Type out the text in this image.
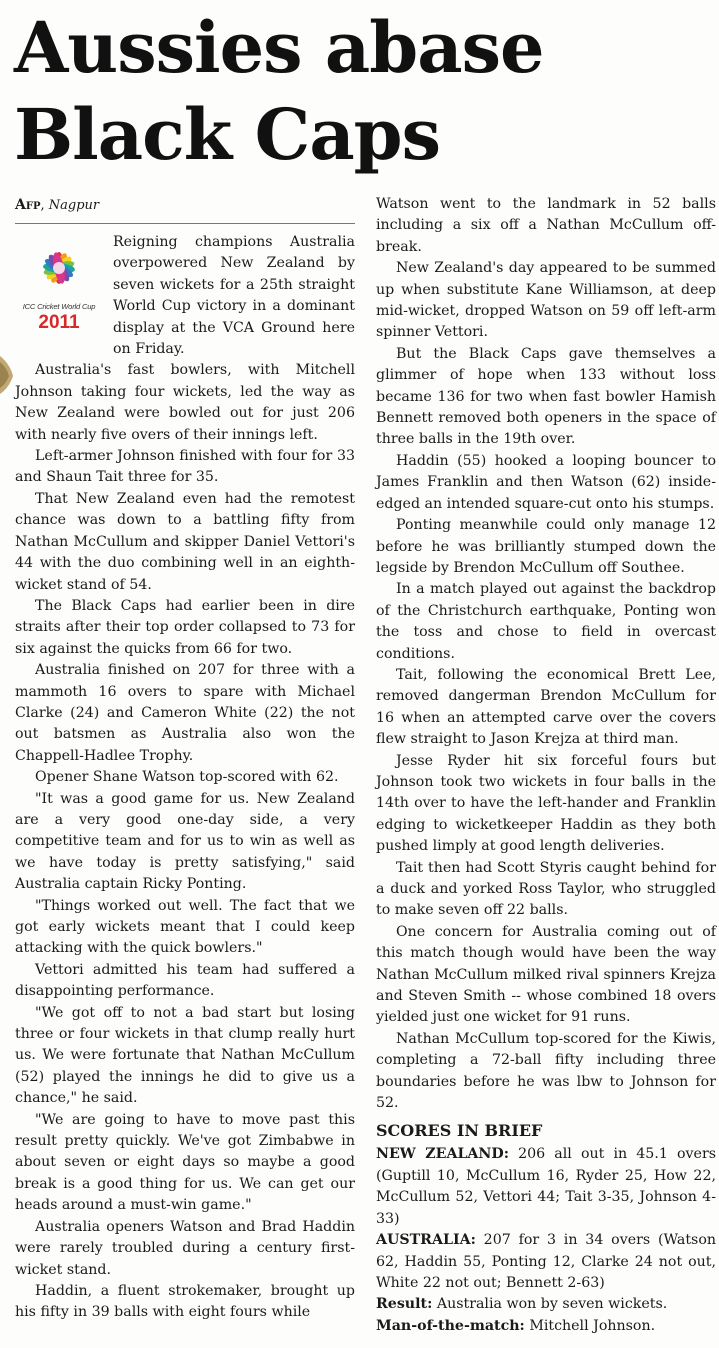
Aussies abase
Black Caps
Afp, Nagpur
ICC Cricket World Cup
2011

Reigning champions Australia overpowered New Zealand by seven wickets for a 25th straight World Cup victory in a dominant display at the VCA Ground here on Friday.

Australia's fast bowlers, with Mitchell Johnson taking four wickets, led the way as New Zealand were bowled out for just 206 with nearly five overs of their innings left.

Left-armer Johnson finished with four for 33 and Shaun Tait three for 35.

That New Zealand even had the remotest chance was down to a battling fifty from Nathan McCullum and skipper Daniel Vettori's 44 with the duo combining well in an eighth-wicket stand of 54.

The Black Caps had earlier been in dire straits after their top order collapsed to 73 for six against the quicks from 66 for two.

Australia finished on 207 for three with a mammoth 16 overs to spare with Michael Clarke (24) and Cameron White (22) the not out batsmen as Australia also won the Chappell-Hadlee Trophy.

Opener Shane Watson top-scored with 62.

"It was a good game for us. New Zealand are a very good one-day side, a very competitive team and for us to win as well as we have today is pretty satisfying," said Australia captain Ricky Ponting.

"Things worked out well. The fact that we got early wickets meant that I could keep attacking with the quick bowlers."

Vettori admitted his team had suffered a disappointing performance.

"We got off to not a bad start but losing three or four wickets in that clump really hurt us. We were fortunate that Nathan McCullum (52) played the innings he did to give us a chance," he said.

"We are going to have to move past this result pretty quickly. We've got Zimbabwe in about seven or eight days so maybe a good break is a good thing for us. We can get our heads around a must-win game."

Australia openers Watson and Brad Haddin were rarely troubled during a century first-wicket stand.

Haddin, a fluent strokemaker, brought up his fifty in 39 balls with eight fours while

Watson went to the landmark in 52 balls including a six off a Nathan McCullum off-break.

New Zealand's day appeared to be summed up when substitute Kane Williamson, at deep mid-wicket, dropped Watson on 59 off left-arm spinner Vettori.

But the Black Caps gave themselves a glimmer of hope when 133 without loss became 136 for two when fast bowler Hamish Bennett removed both openers in the space of three balls in the 19th over.

Haddin (55) hooked a looping bouncer to James Franklin and then Watson (62) inside-edged an intended square-cut onto his stumps.

Ponting meanwhile could only manage 12 before he was brilliantly stumped down the legside by Brendon McCullum off Southee.

In a match played out against the backdrop of the Christchurch earthquake, Ponting won the toss and chose to field in overcast conditions.

Tait, following the economical Brett Lee, removed dangerman Brendon McCullum for 16 when an attempted carve over the covers flew straight to Jason Krejza at third man.

Jesse Ryder hit six forceful fours but Johnson took two wickets in four balls in the 14th over to have the left-hander and Franklin edging to wicketkeeper Haddin as they both pushed limply at good length deliveries.

Tait then had Scott Styris caught behind for a duck and yorked Ross Taylor, who struggled to make seven off 22 balls.

One concern for Australia coming out of this match though would have been the way Nathan McCullum milked rival spinners Krejza and Steven Smith -- whose combined 18 overs yielded just one wicket for 91 runs.

Nathan McCullum top-scored for the Kiwis, completing a 72-ball fifty including three boundaries before he was lbw to Johnson for 52.

SCORES IN BRIEF

NEW ZEALAND: 206 all out in 45.1 overs (Guptill 10, McCullum 16, Ryder 25, How 22, McCullum 52, Vettori 44; Tait 3-35, Johnson 4-33)

AUSTRALIA: 207 for 3 in 34 overs (Watson 62, Haddin 55, Ponting 12, Clarke 24 not out, White 22 not out; Bennett 2-63)

Result: Australia won by seven wickets.

Man-of-the-match: Mitchell Johnson.
